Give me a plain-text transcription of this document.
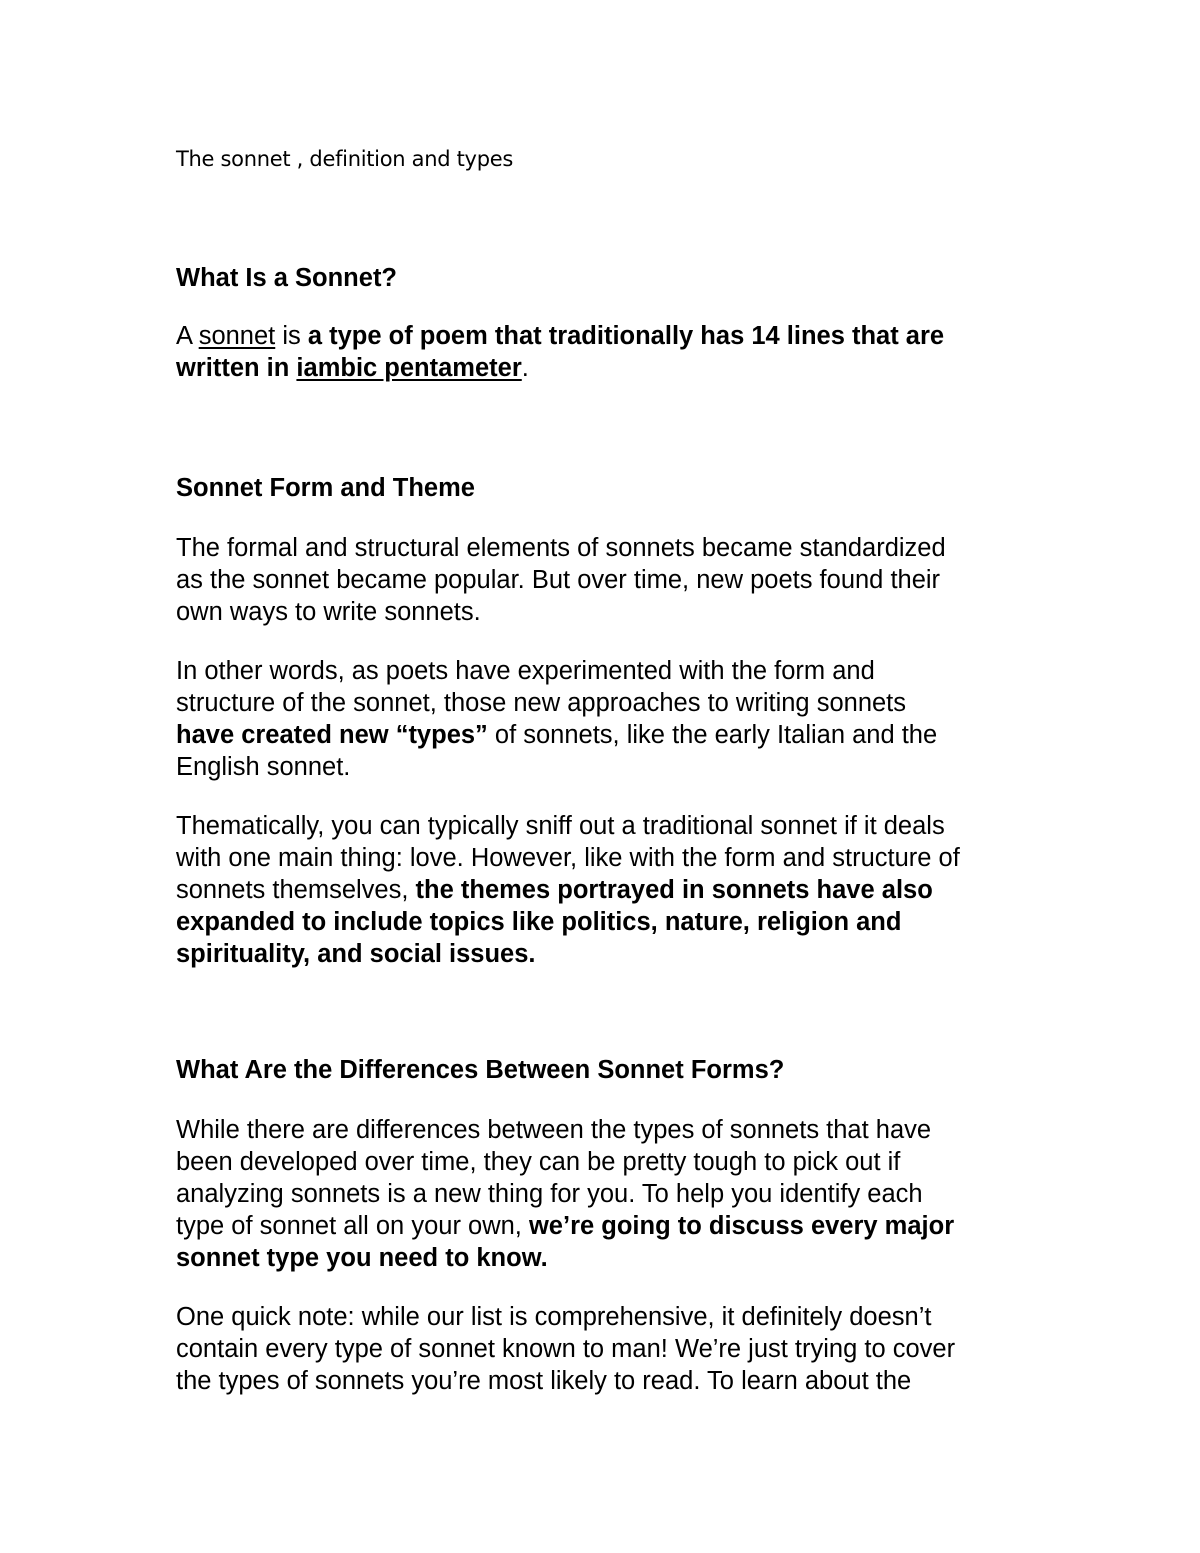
The sonnet , definition and types

What Is a Sonnet?

A sonnet is a type of poem that traditionally has 14 lines that are
written in iambic pentameter.

Sonnet Form and Theme

The formal and structural elements of sonnets became standardized
as the sonnet became popular. But over time, new poets found their
own ways to write sonnets.

In other words, as poets have experimented with the form and
structure of the sonnet, those new approaches to writing sonnets
have created new “types” of sonnets, like the early Italian and the
English sonnet.

Thematically, you can typically sniff out a traditional sonnet if it deals
with one main thing: love. However, like with the form and structure of
sonnets themselves, the themes portrayed in sonnets have also
expanded to include topics like politics, nature, religion and
spirituality, and social issues.

What Are the Differences Between Sonnet Forms?

While there are differences between the types of sonnets that have
been developed over time, they can be pretty tough to pick out if
analyzing sonnets is a new thing for you. To help you identify each
type of sonnet all on your own, we’re going to discuss every major
sonnet type you need to know.

One quick note: while our list is comprehensive, it definitely doesn’t
contain every type of sonnet known to man! We’re just trying to cover
the types of sonnets you’re most likely to read. To learn about the
